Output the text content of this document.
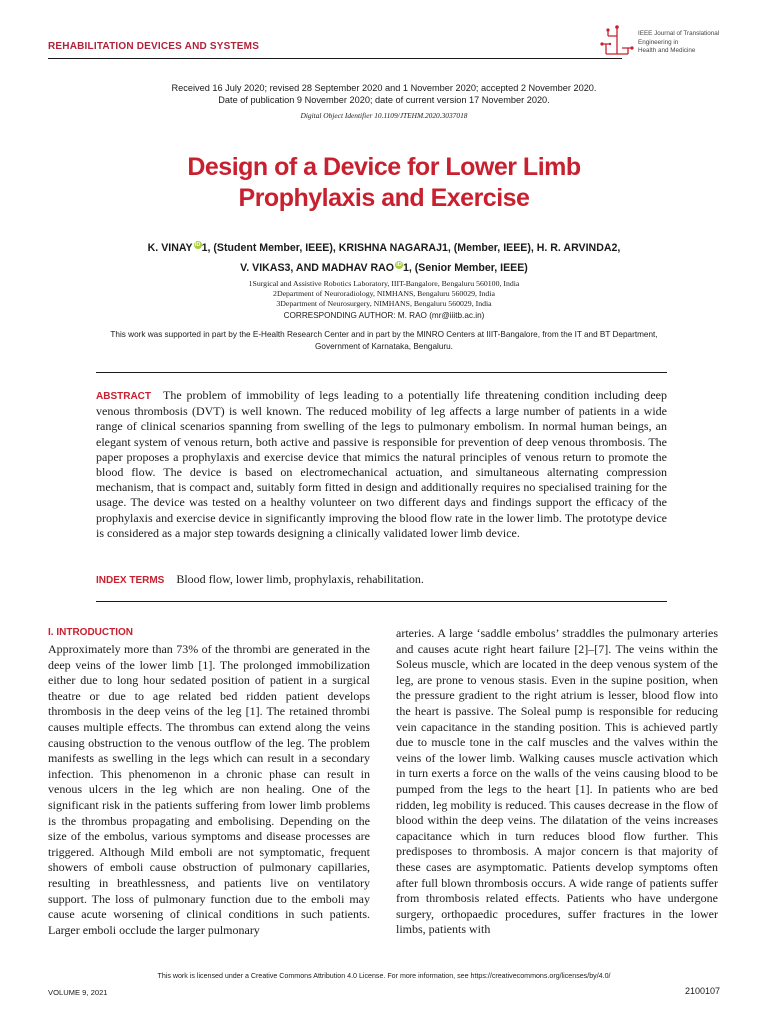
REHABILITATION DEVICES AND SYSTEMS
IEEE Journal of Translational
Engineering in
Health and Medicine
Received 16 July 2020; revised 28 September 2020 and 1 November 2020; accepted 2 November 2020.
Date of publication 9 November 2020; date of current version 17 November 2020.
Digital Object Identifier 10.1109/JTEHM.2020.3037018
Design of a Device for Lower Limb
Prophylaxis and Exercise
K. VINAY iD1, (Student Member, IEEE), KRISHNA NAGARAJ1, (Member, IEEE), H. R. ARVINDA2,
V. VIKAS3, AND MADHAV RAO iD1, (Senior Member, IEEE)
1Surgical and Assistive Robotics Laboratory, IIIT-Bangalore, Bengaluru 560100, India
2Department of Neuroradiology, NIMHANS, Bengaluru 560029, India
3Department of Neurosurgery, NIMHANS, Bengaluru 560029, India
CORRESPONDING AUTHOR: M. RAO (mr@iiitb.ac.in)
This work was supported in part by the E-Health Research Center and in part by the MINRO Centers at IIIT-Bangalore, from the IT and BT Department, Government of Karnataka, Bengaluru.
ABSTRACT The problem of immobility of legs leading to a potentially life threatening condition including deep venous thrombosis (DVT) is well known. The reduced mobility of leg affects a large number of patients in a wide range of clinical scenarios spanning from swelling of the legs to pulmonary embolism. In normal human beings, an elegant system of venous return, both active and passive is responsible for prevention of deep venous thrombosis. The paper proposes a prophylaxis and exercise device that mimics the natural principles of venous return to promote the blood flow. The device is based on electromechanical actuation, and simultaneous alternating compression mechanism, that is compact and, suitably form fitted in design and additionally requires no specialised training for the usage. The device was tested on a healthy volunteer on two different days and findings support the efficacy of the prophylaxis and exercise device in significantly improving the blood flow rate in the lower limb. The prototype device is considered as a major step towards designing a clinically validated lower limb device.
INDEX TERMS Blood flow, lower limb, prophylaxis, rehabilitation.
I. INTRODUCTION
Approximately more than 73% of the thrombi are generated in the deep veins of the lower limb [1]. The prolonged immobilization either due to long hour sedated position of patient in a surgical theatre or due to age related bed ridden patient develops thrombosis in the deep veins of the leg [1]. The retained thrombi causes multiple effects. The thrombus can extend along the veins causing obstruction to the venous outflow of the leg. The problem manifests as swelling in the legs which can result in a secondary infection. This phenomenon in a chronic phase can result in venous ulcers in the leg which are non healing. One of the significant risk in the patients suffering from lower limb problems is the thrombus propagating and embolising. Depending on the size of the embolus, various symptoms and disease processes are triggered. Although Mild emboli are not symptomatic, frequent showers of emboli cause obstruction of pulmonary capillaries, resulting in breathlessness, and patients live on ventilatory support. The loss of pulmonary function due to the emboli may cause acute worsening of clinical conditions in such patients. Larger emboli occlude the larger pulmonary
arteries. A large ‘saddle embolus’ straddles the pulmonary arteries and causes acute right heart failure [2]–[7]. The veins within the Soleus muscle, which are located in the deep venous system of the leg, are prone to venous stasis. Even in the supine position, when the pressure gradient to the right atrium is lesser, blood flow into the heart is passive. The Soleal pump is responsible for reducing vein capacitance in the standing position. This is achieved partly due to muscle tone in the calf muscles and the valves within the veins of the lower limb. Walking causes muscle activation which in turn exerts a force on the walls of the veins causing blood to be pumped from the legs to the heart [1]. In patients who are bed ridden, leg mobility is reduced. This causes decrease in the flow of blood within the deep veins. The dilatation of the veins increases capacitance which in turn reduces blood flow further. This predisposes to thrombosis. A major concern is that majority of these cases are asymptomatic. Patients develop symptoms often after full blown thrombosis occurs. A wide range of patients suffer from thrombosis related effects. Patients who have undergone surgery, orthopaedic procedures, suffer fractures in the lower limbs, patients with
This work is licensed under a Creative Commons Attribution 4.0 License. For more information, see https://creativecommons.org/licenses/by/4.0/
VOLUME 9, 2021	2100107
